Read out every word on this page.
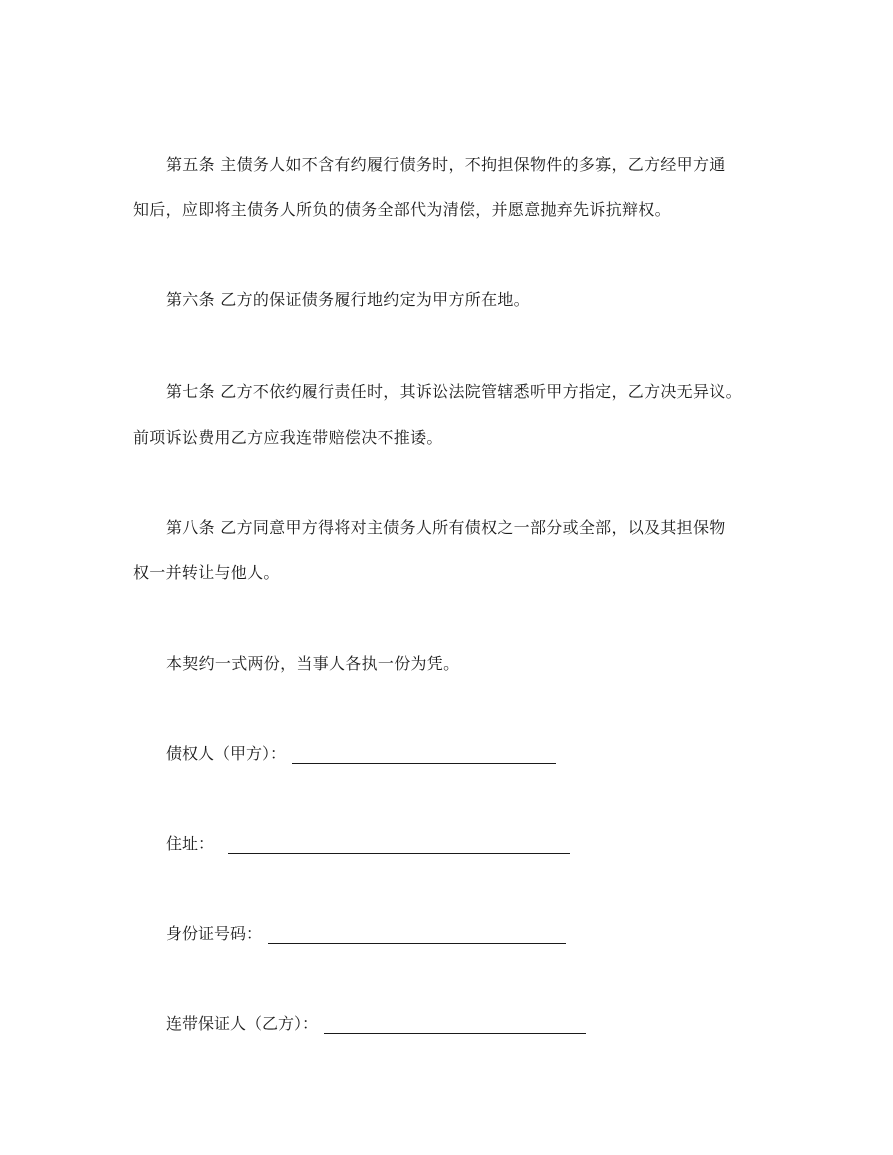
第五条 主债务人如不含有约履行债务时，不拘担保物件的多寡，乙方经甲方通
知后，应即将主债务人所负的债务全部代为清偿，并愿意抛弃先诉抗辩权。
第六条 乙方的保证债务履行地约定为甲方所在地。
第七条 乙方不依约履行责任时，其诉讼法院管辖悉听甲方指定，乙方决无异议。
前项诉讼费用乙方应我连带赔偿决不推诿。
第八条 乙方同意甲方得将对主债务人所有债权之一部分或全部，以及其担保物
权一并转让与他人。
本契约一式两份，当事人各执一份为凭。
债权人（甲方）：
住址：
身份证号码：
连带保证人（乙方）：
